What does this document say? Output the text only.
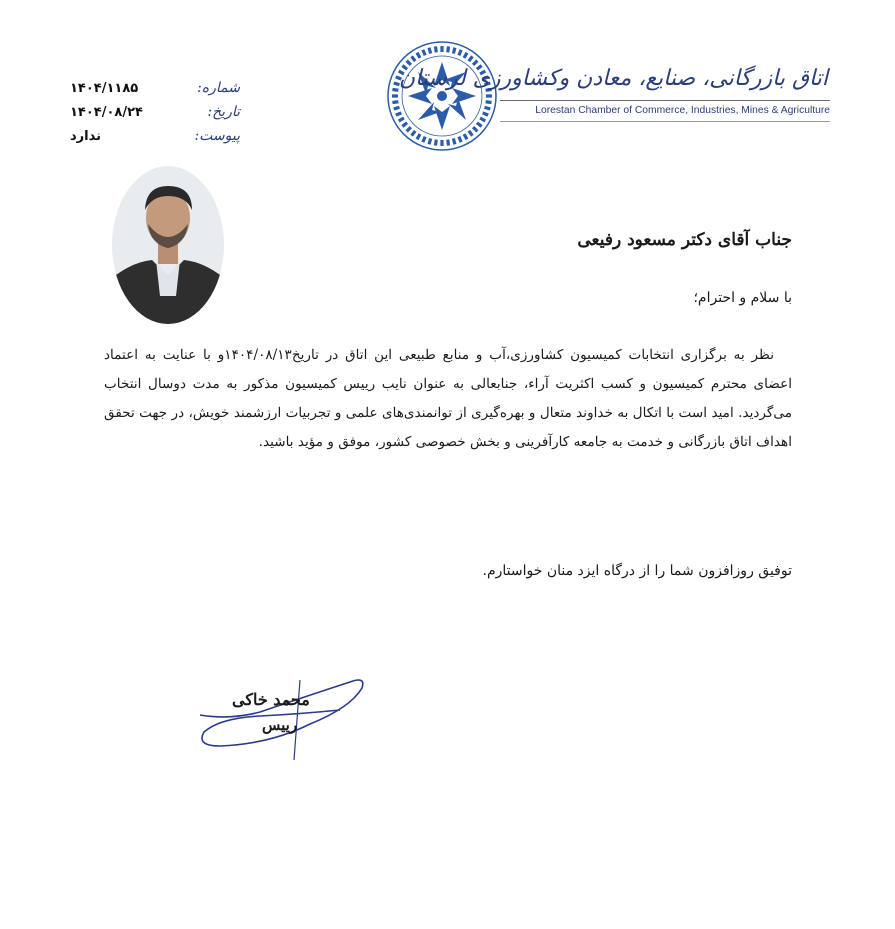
شماره:
۱۴۰۴/۱۱۸۵
تاریخ:
۱۴۰۴/۰۸/۲۴
پیوست:
ندارد
اتاق بازرگانی، صنایع، معادن وکشاورزی لرستان
Lorestan Chamber of Commerce, Industries, Mines & Agriculture
جناب آقای دکتر مسعود رفیعی
با سلام و احترام؛
نظر به برگزاری انتخابات کمیسیون کشاورزی،آب و منابع طبیعی این اتاق در تاریخ۱۴۰۴/۰۸/۱۳و با عنایت به اعتماد اعضای محترم کمیسیون و کسب اکثریت آراء، جنابعالی به عنوان نایب رییس کمیسیون مذکور به مدت دوسال انتخاب می‌گردید. امید است با اتکال به خداوند متعال و بهره‌گیری از توانمندی‌های علمی و تجربیات ارزشمند خویش، در جهت تحقق اهداف اتاق بازرگانی و خدمت به جامعه کارآفرینی و بخش خصوصی کشور، موفق و مؤید باشید.
توفیق روزافزون شما را از درگاه ایزد منان خواستارم.
محمد خاکی
رییس
